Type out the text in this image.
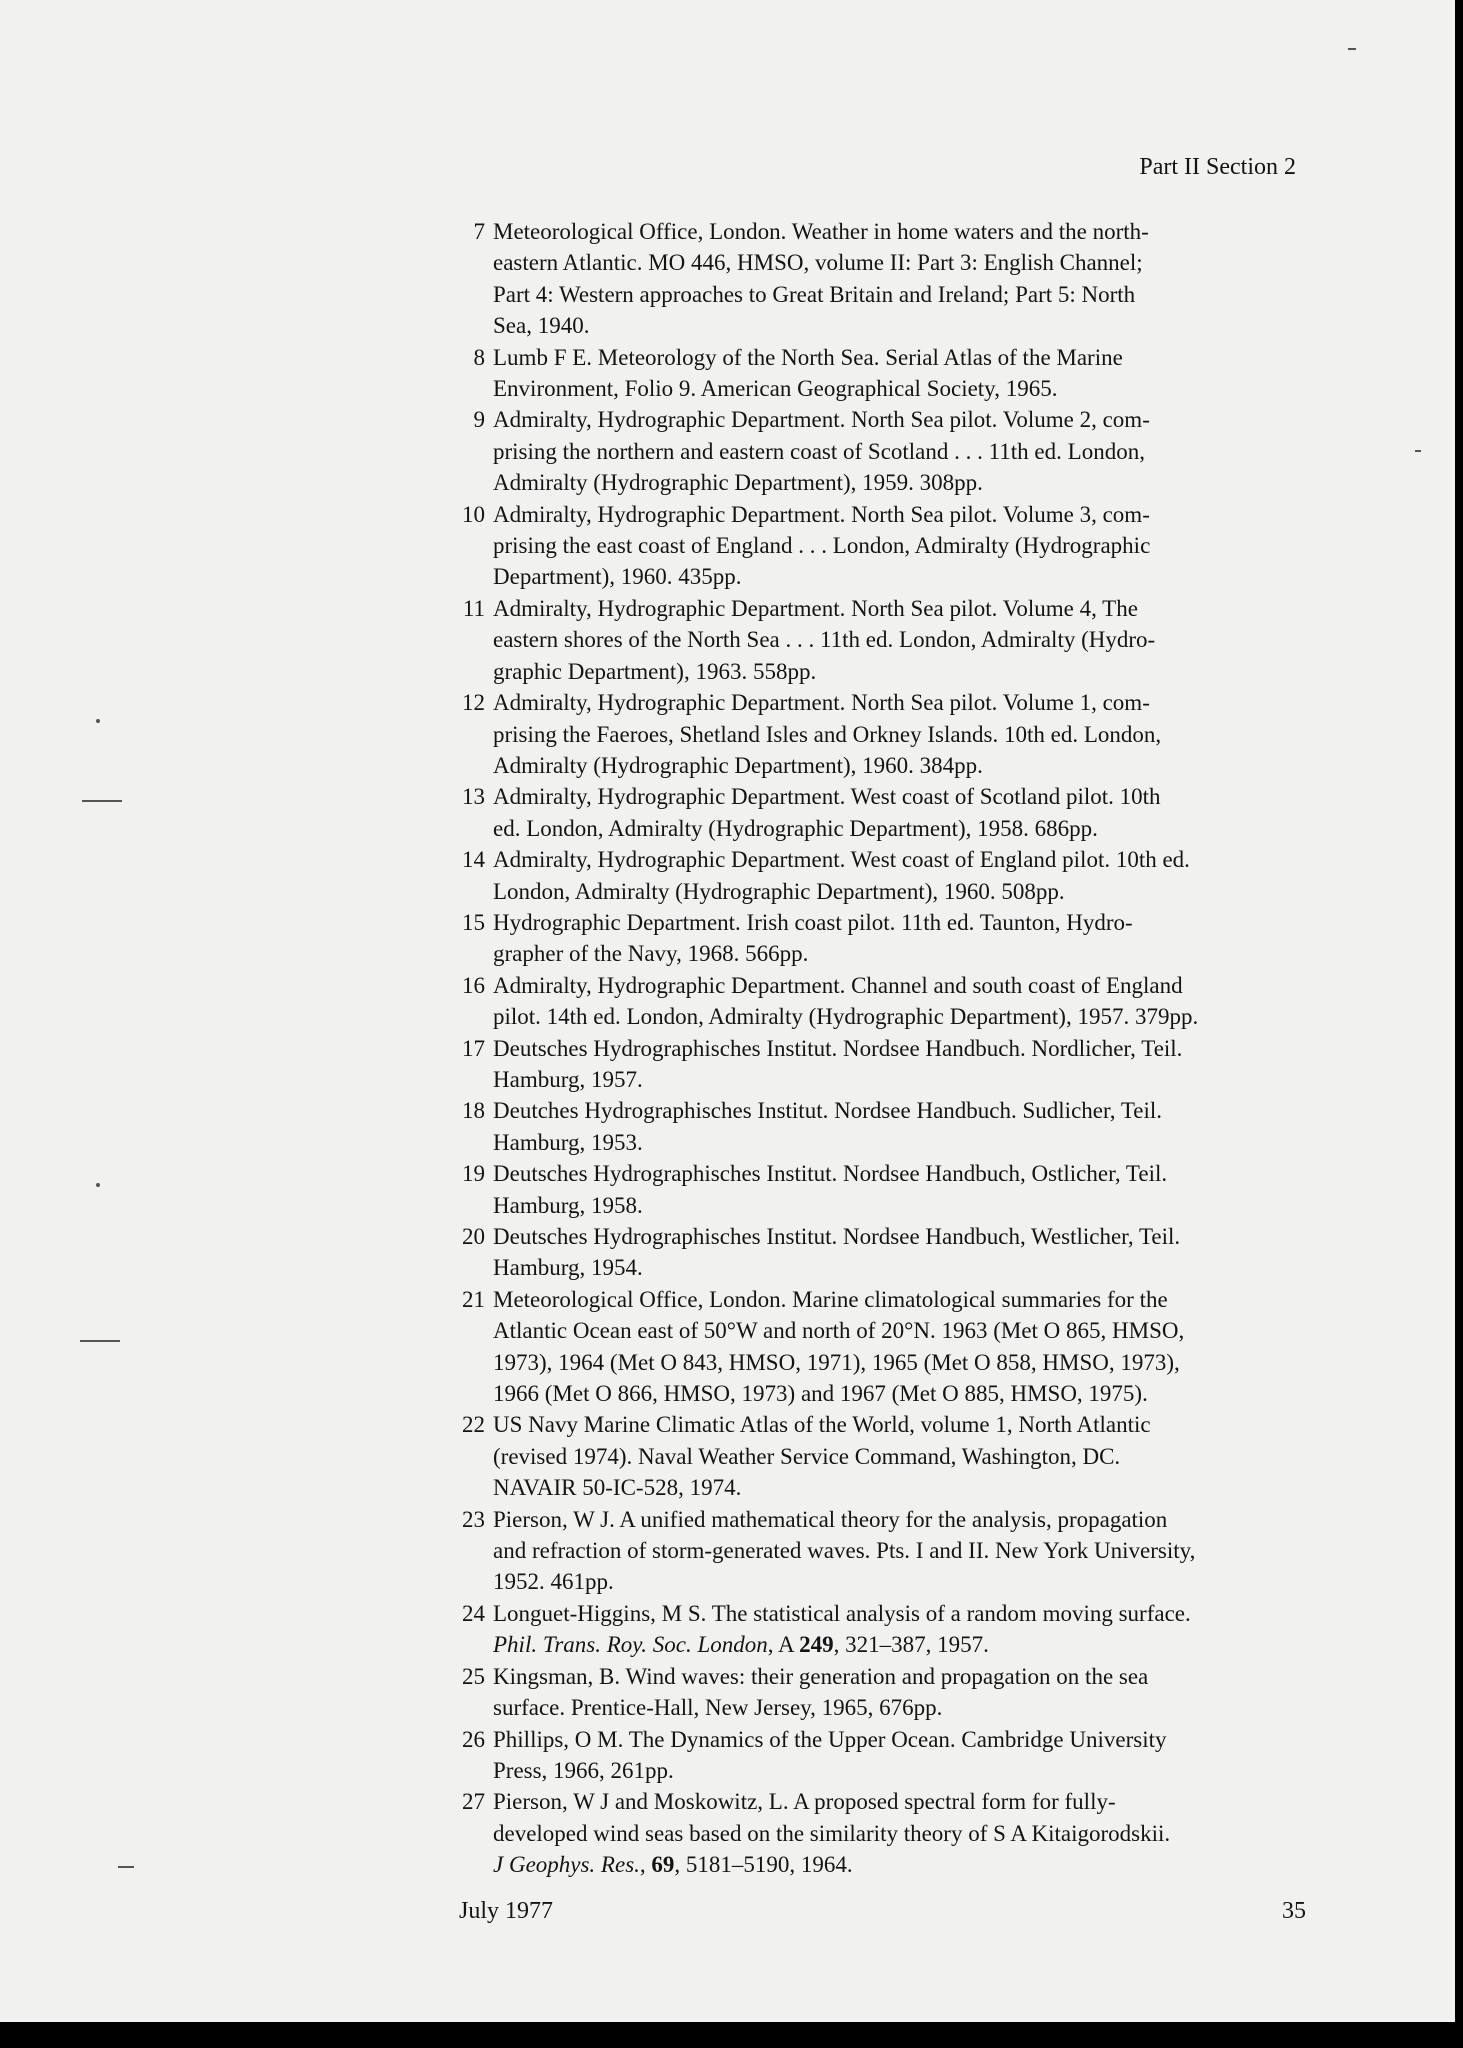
Part II Section 2
7 Meteorological Office, London. Weather in home waters and the north-
eastern Atlantic. MO 446, HMSO, volume II: Part 3: English Channel;
Part 4: Western approaches to Great Britain and Ireland; Part 5: North
Sea, 1940.
8 Lumb F E. Meteorology of the North Sea. Serial Atlas of the Marine
Environment, Folio 9. American Geographical Society, 1965.
9 Admiralty, Hydrographic Department. North Sea pilot. Volume 2, com-
prising the northern and eastern coast of Scotland . . . 11th ed. London,
Admiralty (Hydrographic Department), 1959. 308pp.
10 Admiralty, Hydrographic Department. North Sea pilot. Volume 3, com-
prising the east coast of England . . . London, Admiralty (Hydrographic
Department), 1960. 435pp.
11 Admiralty, Hydrographic Department. North Sea pilot. Volume 4, The
eastern shores of the North Sea . . . 11th ed. London, Admiralty (Hydro-
graphic Department), 1963. 558pp.
12 Admiralty, Hydrographic Department. North Sea pilot. Volume 1, com-
prising the Faeroes, Shetland Isles and Orkney Islands. 10th ed. London,
Admiralty (Hydrographic Department), 1960. 384pp.
13 Admiralty, Hydrographic Department. West coast of Scotland pilot. 10th
ed. London, Admiralty (Hydrographic Department), 1958. 686pp.
14 Admiralty, Hydrographic Department. West coast of England pilot. 10th ed.
London, Admiralty (Hydrographic Department), 1960. 508pp.
15 Hydrographic Department. Irish coast pilot. 11th ed. Taunton, Hydro-
grapher of the Navy, 1968. 566pp.
16 Admiralty, Hydrographic Department. Channel and south coast of England
pilot. 14th ed. London, Admiralty (Hydrographic Department), 1957. 379pp.
17 Deutsches Hydrographisches Institut. Nordsee Handbuch. Nordlicher, Teil.
Hamburg, 1957.
18 Deutches Hydrographisches Institut. Nordsee Handbuch. Sudlicher, Teil.
Hamburg, 1953.
19 Deutsches Hydrographisches Institut. Nordsee Handbuch, Ostlicher, Teil.
Hamburg, 1958.
20 Deutsches Hydrographisches Institut. Nordsee Handbuch, Westlicher, Teil.
Hamburg, 1954.
21 Meteorological Office, London. Marine climatological summaries for the
Atlantic Ocean east of 50°W and north of 20°N. 1963 (Met O 865, HMSO,
1973), 1964 (Met O 843, HMSO, 1971), 1965 (Met O 858, HMSO, 1973),
1966 (Met O 866, HMSO, 1973) and 1967 (Met O 885, HMSO, 1975).
22 US Navy Marine Climatic Atlas of the World, volume 1, North Atlantic
(revised 1974). Naval Weather Service Command, Washington, DC.
NAVAIR 50-IC-528, 1974.
23 Pierson, W J. A unified mathematical theory for the analysis, propagation
and refraction of storm-generated waves. Pts. I and II. New York University,
1952. 461pp.
24 Longuet-Higgins, M S. The statistical analysis of a random moving surface.
Phil. Trans. Roy. Soc. London, A 249, 321–387, 1957.
25 Kingsman, B. Wind waves: their generation and propagation on the sea
surface. Prentice-Hall, New Jersey, 1965, 676pp.
26 Phillips, O M. The Dynamics of the Upper Ocean. Cambridge University
Press, 1966, 261pp.
27 Pierson, W J and Moskowitz, L. A proposed spectral form for fully-
developed wind seas based on the similarity theory of S A Kitaigorodskii.
J Geophys. Res., 69, 5181–5190, 1964.
July 1977	35
